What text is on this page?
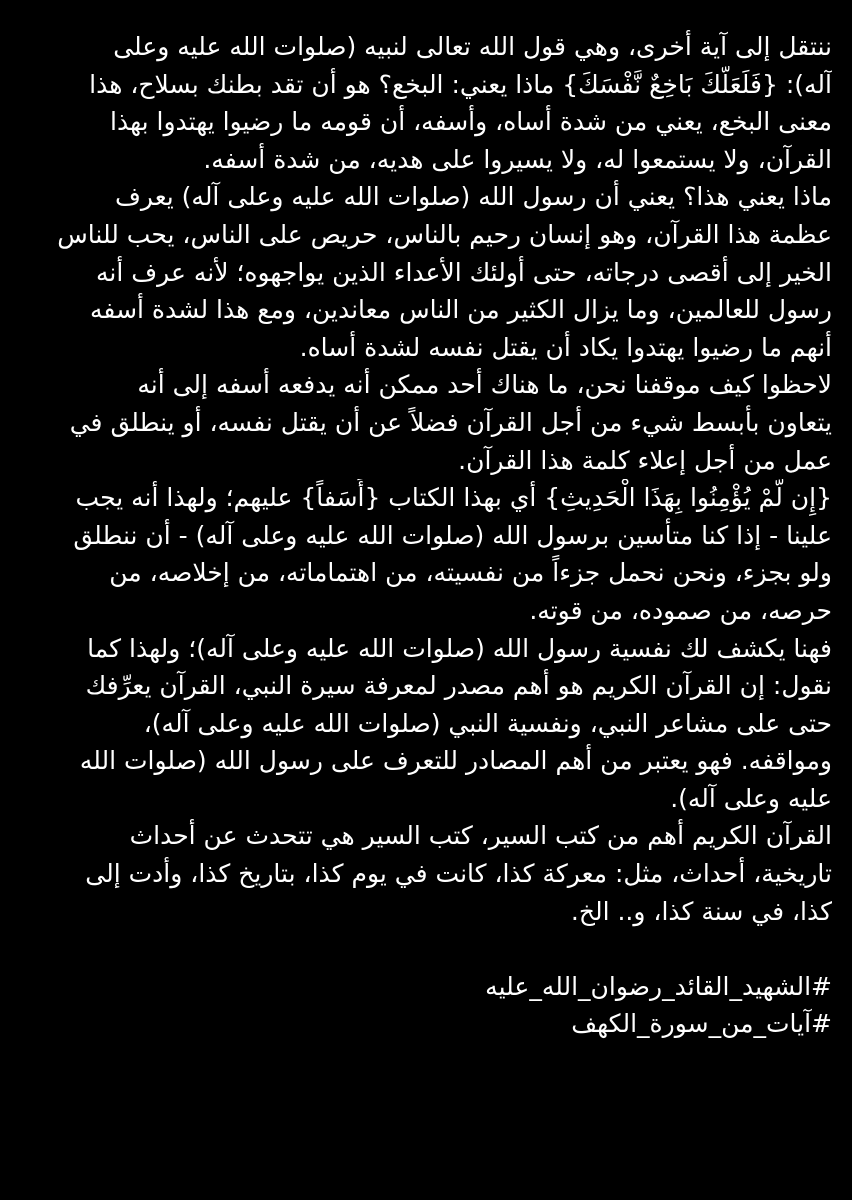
ننتقل إلى آية أخرى، وهي قول الله تعالى لنبيه (صلوات الله عليه وعلى
آله): {فَلَعَلَّكَ بَاخِعٌ نَّفْسَكَ} ماذا يعني: البخع؟ هو أن تقد بطنك بسلاح، هذا
معنى البخع، يعني من شدة أساه، وأسفه، أن قومه ما رضيوا يهتدوا بهذا
القرآن، ولا يستمعوا له، ولا يسيروا على هديه، من شدة أسفه.

ماذا يعني هذا؟ يعني أن رسول الله (صلوات الله عليه وعلى آله) يعرف
عظمة هذا القرآن، وهو إنسان رحيم بالناس، حريص على الناس، يحب للناس
الخير إلى أقصى درجاته، حتى أولئك الأعداء الذين يواجهوه؛ لأنه عرف أنه
رسول للعالمين، وما يزال الكثير من الناس معاندين، ومع هذا لشدة أسفه
أنهم ما رضيوا يهتدوا يكاد أن يقتل نفسه لشدة أساه.

لاحظوا كيف موقفنا نحن، ما هناك أحد ممكن أنه يدفعه أسفه إلى أنه
يتعاون بأبسط شيء من أجل القرآن فضلاً عن أن يقتل نفسه، أو ينطلق في
عمل من أجل إعلاء كلمة هذا القرآن.

{إِن لَّمْ يُؤْمِنُوا بِهَذَا الْحَدِيثِ} أي بهذا الكتاب {أَسَفاً} عليهم؛ ولهذا أنه يجب
علينا - إذا كنا متأسين برسول الله (صلوات الله عليه وعلى آله) - أن ننطلق
ولو بجزء، ونحن نحمل جزءاً من نفسيته، من اهتماماته، من إخلاصه، من
حرصه، من صموده، من قوته.

فهنا يكشف لك نفسية رسول الله (صلوات الله عليه وعلى آله)؛ ولهذا كما
نقول: إن القرآن الكريم هو أهم مصدر لمعرفة سيرة النبي، القرآن يعرِّفك
حتى على مشاعر النبي، ونفسية النبي (صلوات الله عليه وعلى آله)،
ومواقفه. فهو يعتبر من أهم المصادر للتعرف على رسول الله (صلوات الله
عليه وعلى آله).

القرآن الكريم أهم من كتب السير، كتب السير هي تتحدث عن أحداث
تاريخية، أحداث، مثل: معركة كذا، كانت في يوم كذا، بتاريخ كذا، وأدت إلى
كذا، في سنة كذا، و.. الخ.

#الشهيد_القائد_رضوان_الله_عليه
#آيات_من_سورة_الكهف
